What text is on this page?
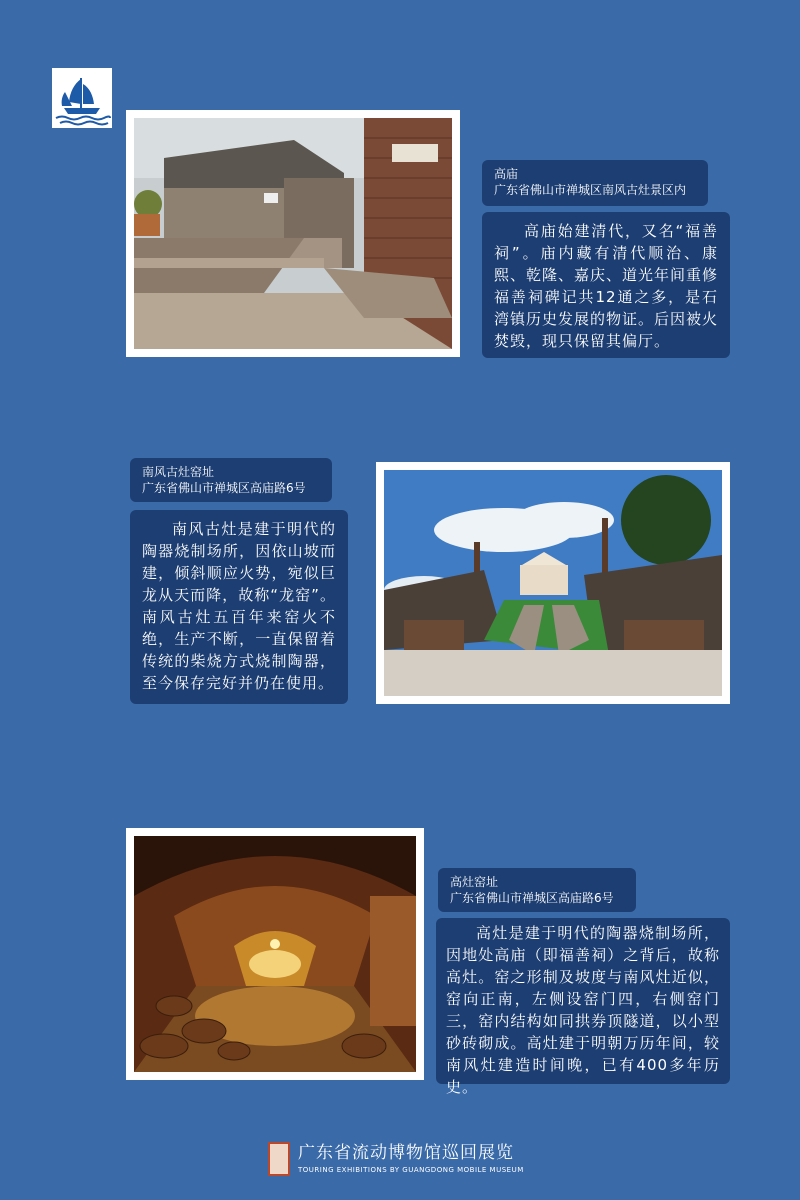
高庙
广东省佛山市禅城区南风古灶景区内
高庙始建清代，又名“福善祠”。庙内藏有清代顺治、康熙、乾隆、嘉庆、道光年间重修福善祠碑记共12通之多，是石湾镇历史发展的物证。后因被火焚毁，现只保留其偏厅。
南风古灶窑址
广东省佛山市禅城区高庙路6号
南风古灶是建于明代的陶器烧制场所，因依山坡而建，倾斜顺应火势，宛似巨龙从天而降，故称“龙窑”。南风古灶五百年来窑火不绝，生产不断，一直保留着传统的柴烧方式烧制陶器，至今保存完好并仍在使用。
高灶窑址
广东省佛山市禅城区高庙路6号
高灶是建于明代的陶器烧制场所，因地处高庙（即福善祠）之背后，故称高灶。窑之形制及坡度与南风灶近似，窑向正南，左侧设窑门四，右侧窑门三，窑内结构如同拱券顶隧道，以小型砂砖砌成。高灶建于明朝万历年间，较南风灶建造时间晚，已有400多年历史。
广东省流动博物馆巡回展览
TOURING EXHIBITIONS BY GUANGDONG MOBILE MUSEUM
